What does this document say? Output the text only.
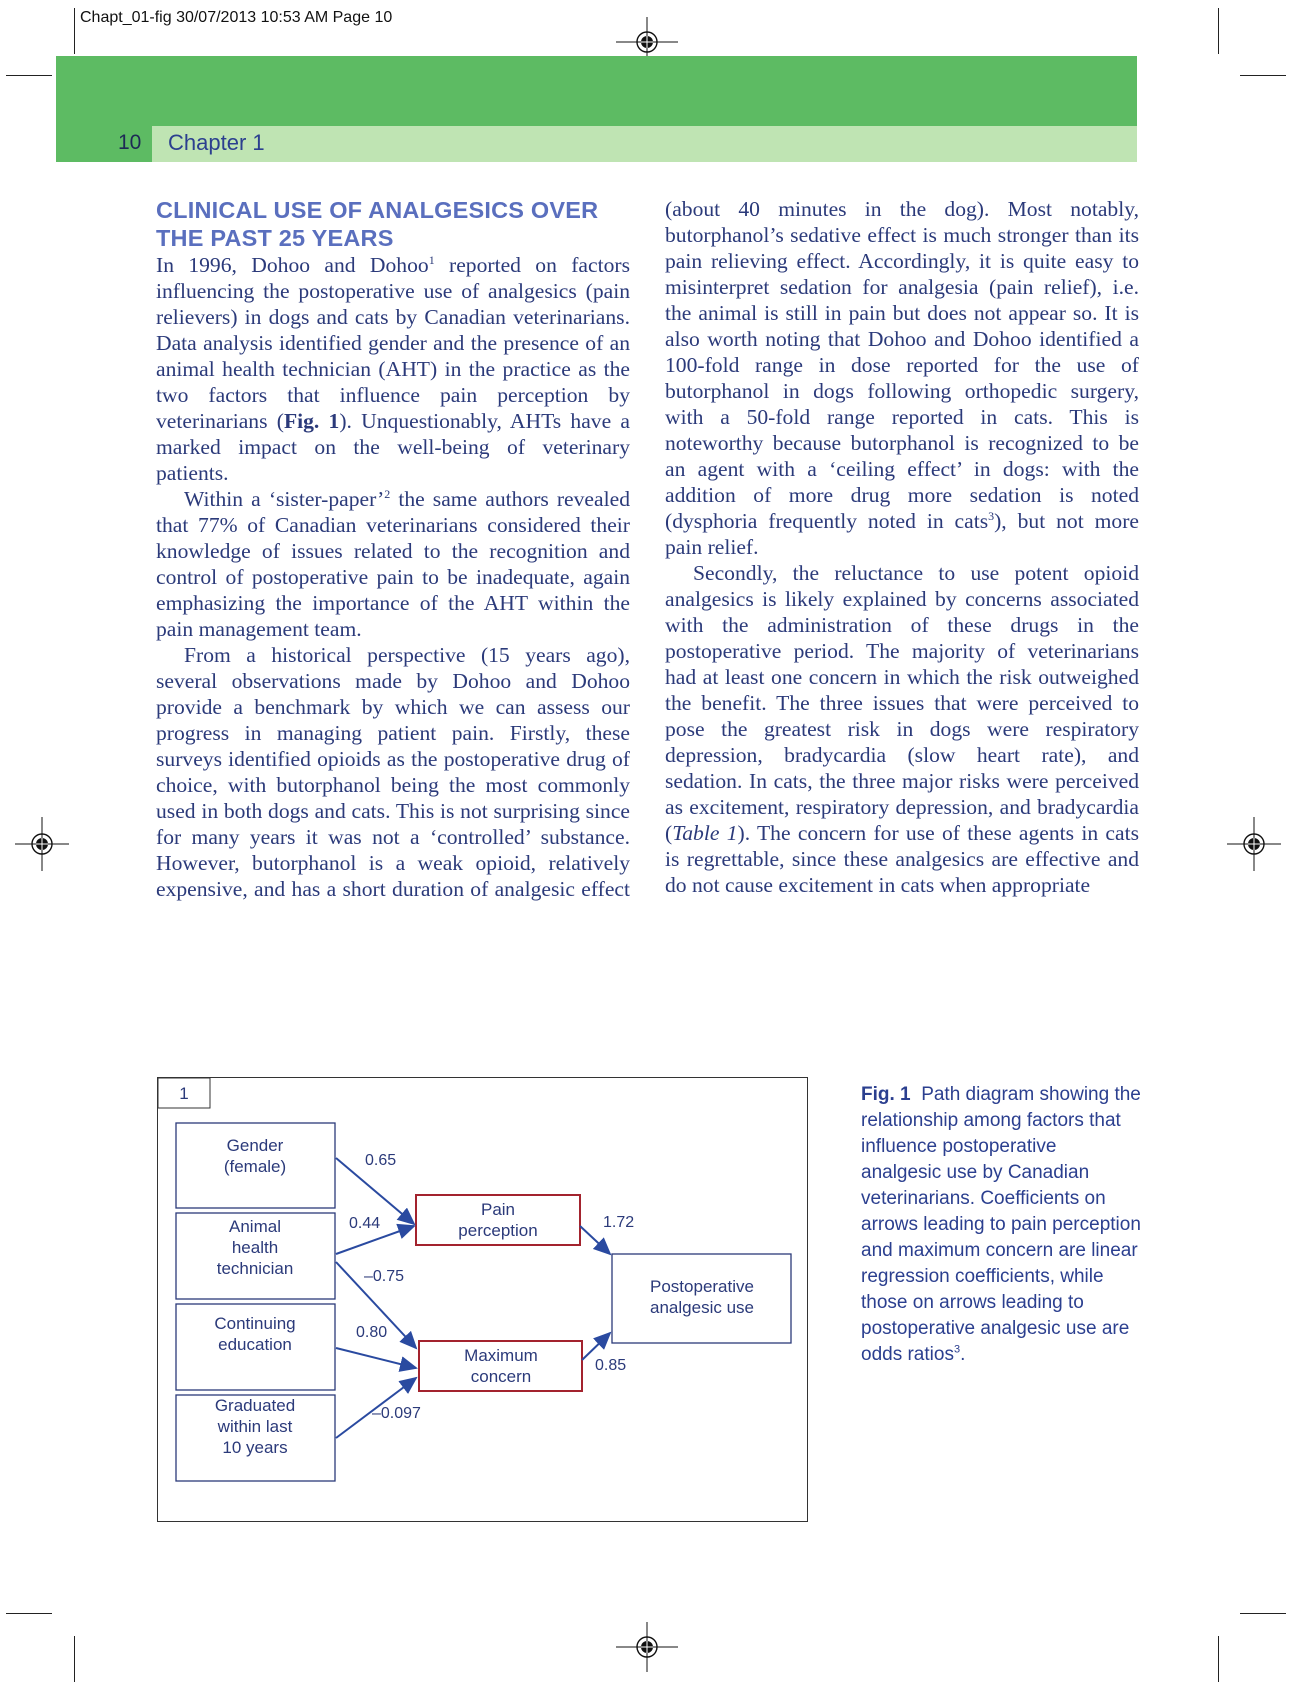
Chapt_01-fig 30/07/2013 10:53 AM Page 10
10 Chapter 1
CLINICAL USE OF ANALGESICS OVER
THE PAST 25 YEARS

In 1996, Dohoo and Dohoo$^1$ reported on factors influencing the postoperative use of analgesics (pain relievers) in dogs and cats by Canadian veterinarians. Data analysis identified gender and the presence of an animal health technician (AHT) in the practice as the two factors that influence pain perception by veterinarians (Fig. 1). Unquestionably, AHTs have a marked impact on the well-being of veterinary patients.

Within a ‘sister-paper’$^2$ the same authors revealed that 77% of Canadian veterinarians considered their knowledge of issues related to the recognition and control of postoperative pain to be inadequate, again emphasizing the importance of the AHT within the pain management team.

From a historical perspective (15 years ago), several observations made by Dohoo and Dohoo provide a benchmark by which we can assess our progress in managing patient pain. Firstly, these surveys identified opioids as the postoperative drug of choice, with butorphanol being the most commonly used in both dogs and cats. This is not surprising since for many years it was not a ‘controlled’ substance. However, butorphanol is a weak opioid, relatively expensive, and has a short duration of analgesic effect

(about 40 minutes in the dog). Most notably, butorphanol’s sedative effect is much stronger than its pain relieving effect. Accordingly, it is quite easy to misinterpret sedation for analgesia (pain relief), i.e. the animal is still in pain but does not appear so. It is also worth noting that Dohoo and Dohoo identified a 100-fold range in dose reported for the use of butorphanol in dogs following orthopedic surgery, with a 50-fold range reported in cats. This is noteworthy because butorphanol is recognized to be an agent with a ‘ceiling effect’ in dogs: with the addition of more drug more sedation is noted (dysphoria frequently noted in cats$^3$), but not more pain relief.

Secondly, the reluctance to use potent opioid analgesics is likely explained by concerns associated with the administration of these drugs in the postoperative period. The majority of veterinarians had at least one concern in which the risk outweighed the benefit. The three issues that were perceived to pose the greatest risk in dogs were respiratory depression, bradycardia (slow heart rate), and sedation. In cats, the three major risks were perceived as excitement, respiratory depression, and bradycardia (Table 1). The concern for use of these agents in cats is regrettable, since these analgesics are effective and do not cause excitement in cats when appropriate

1
Gender
(female)
Animal
health
technician
Continuing
education
Graduated
within last
10 years
Pain
perception
Maximum
concern
Postoperative
analgesic use
0.65
0.44
–0.75
0.80
–0.097
1.72
0.85
Fig. 1 Path diagram showing the relationship among factors that influence postoperative analgesic use by Canadian veterinarians. Coefficients on arrows leading to pain perception and maximum concern are linear regression coefficients, while those on arrows leading to postoperative analgesic use are odds ratios$^3$.
